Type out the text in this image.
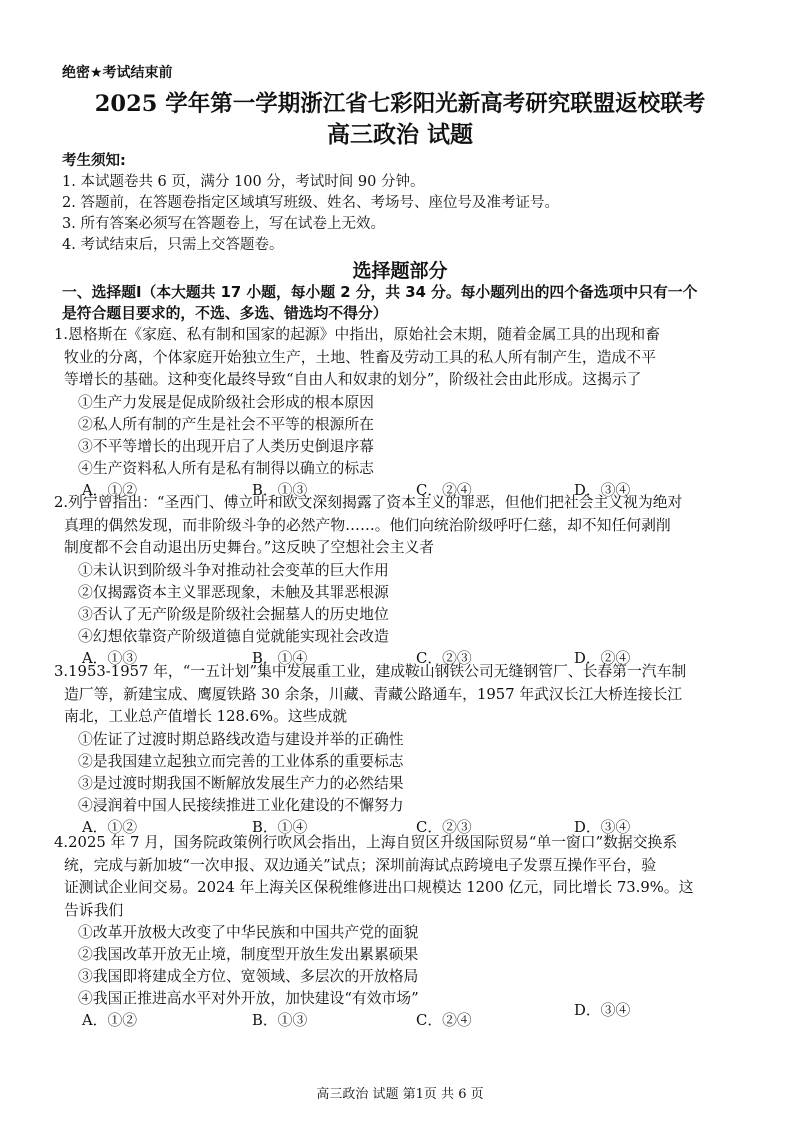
绝密★考试结束前
2025 学年第一学期浙江省七彩阳光新高考研究联盟返校联考
高三政治 试题
考生须知:
1. 本试题卷共 6 页，满分 100 分，考试时间 90 分钟。
2. 答题前，在答题卷指定区域填写班级、姓名、考场号、座位号及准考证号。
3. 所有答案必须写在答题卷上，写在试卷上无效。
4. 考试结束后，只需上交答题卷。
选择题部分
一、选择题Ⅰ（本大题共 17 小题，每小题 2 分，共 34 分。每小题列出的四个备选项中只有一个
是符合题目要求的，不选、多选、错选均不得分）
1.恩格斯在《家庭、私有制和国家的起源》中指出，原始社会末期，随着金属工具的出现和畜
牧业的分离，个体家庭开始独立生产，土地、牲畜及劳动工具的私人所有制产生，造成不平
等增长的基础。这种变化最终导致“自由人和奴隶的划分”，阶级社会由此形成。这揭示了
①生产力发展是促成阶级社会形成的根本原因
②私人所有制的产生是社会不平等的根源所在
③不平等增长的出现开启了人类历史倒退序幕
④生产资料私人所有是私有制得以确立的标志
A．①②	B．①③	C．②④	D．③④
2.列宁曾指出：“圣西门、傅立叶和欧文深刻揭露了资本主义的罪恶，但他们把社会主义视为绝对
真理的偶然发现，而非阶级斗争的必然产物……。他们向统治阶级呼吁仁慈，却不知任何剥削
制度都不会自动退出历史舞台。”这反映了空想社会主义者
①未认识到阶级斗争对推动社会变革的巨大作用
②仅揭露资本主义罪恶现象，未触及其罪恶根源
③否认了无产阶级是阶级社会掘墓人的历史地位
④幻想依靠资产阶级道德自觉就能实现社会改造
A．①③	B．①④	C．②③	D．②④
3.1953-1957 年，“一五计划”集中发展重工业，建成鞍山钢铁公司无缝钢管厂、长春第一汽车制
造厂等，新建宝成、鹰厦铁路 30 余条，川藏、青藏公路通车，1957 年武汉长江大桥连接长江
南北，工业总产值增长 128.6%。这些成就
①佐证了过渡时期总路线改造与建设并举的正确性
②是我国建立起独立而完善的工业体系的重要标志
③是过渡时期我国不断解放发展生产力的必然结果
④浸润着中国人民接续推进工业化建设的不懈努力
A．①②	B．①④	C．②③	D．③④
4.2025 年 7 月，国务院政策例行吹风会指出，上海自贸区升级国际贸易“单一窗口”数据交换系
统，完成与新加坡“一次申报、双边通关”试点；深圳前海试点跨境电子发票互操作平台，验
证测试企业间交易。2024 年上海关区保税维修进出口规模达 1200 亿元，同比增长 73.9%。这
告诉我们
①改革开放极大改变了中华民族和中国共产党的面貌
②我国改革开放无止境，制度型开放生发出累累硕果
③我国即将建成全方位、宽领域、多层次的开放格局
④我国正推进高水平对外开放，加快建设“有效市场”
A．①②	B．①③	C．②④
D．③④
高三政治 试题 第1页 共 6 页
